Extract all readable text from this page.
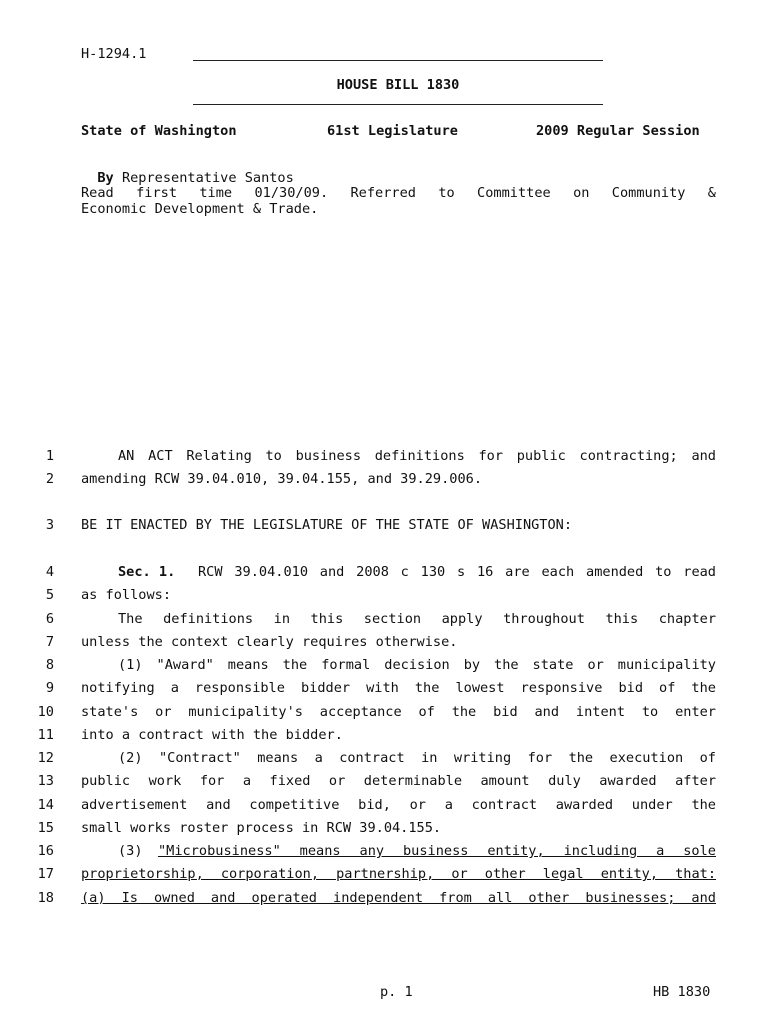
H-1294.1
HOUSE BILL 1830
State of Washington	61st Legislature	2009 Regular Session

By Representative Santos

Read first time 01/30/09. Referred to Committee on Community &
Economic Development & Trade.
1	AN ACT Relating to business definitions for public contracting; and
2 amending RCW 39.04.010, 39.04.155, and 39.29.006.
3 BE IT ENACTED BY THE LEGISLATURE OF THE STATE OF WASHINGTON:
4	Sec. 1. RCW 39.04.010 and 2008 c 130 s 16 are each amended to read
5 as follows:
6	The definitions in this section apply throughout this chapter
7 unless the context clearly requires otherwise.
8	(1) "Award" means the formal decision by the state or municipality
9 notifying a responsible bidder with the lowest responsive bid of the
10 state's or municipality's acceptance of the bid and intent to enter
11 into a contract with the bidder.
12	(2) "Contract" means a contract in writing for the execution of
13 public work for a fixed or determinable amount duly awarded after
14 advertisement and competitive bid, or a contract awarded under the
15 small works roster process in RCW 39.04.155.
16	(3) "Microbusiness" means any business entity, including a sole
17 proprietorship, corporation, partnership, or other legal entity, that:
18 (a) Is owned and operated independent from all other businesses; and
p. 1	HB 1830
